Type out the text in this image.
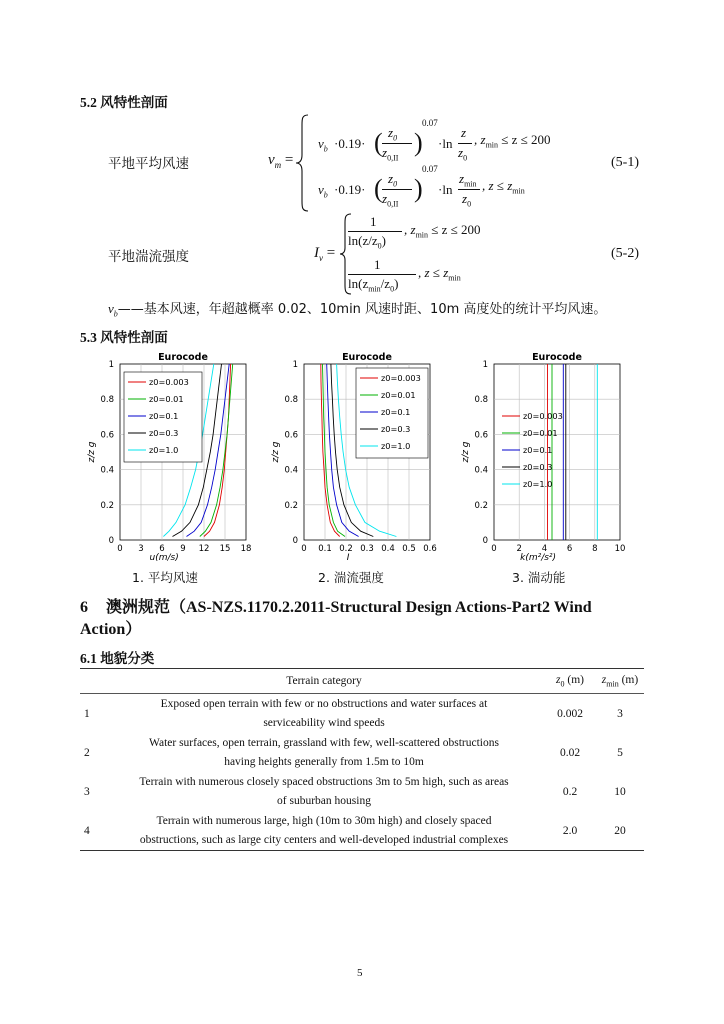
5.2 风特性剖面
平地平均风速	$v_m$ =
$v_b \cdot 0.19\cdot$ ( $z_0$
$z_{0,II}$
)
0.07
·ln
z
$z_0$
, $z_{min} \le z \le 200$
$v_b \cdot 0.19\cdot$ ( $z_0$
$z_{0,II}$
)
0.07
·ln
$z_{min}$
$z_0$
, $z \le z_{min}$
(5-1)
平地湍流强度	$I_v$ =
1
$\ln(z/z_0)$
, $z_{min} \le z \le 200$
1
$\ln(z_{min}/z_0)$
, $z \le z_{min}$
(5-2)
$v_b——$基本风速，年超越概率 0.02、10min 风速时距、10m 高度处的统计平均风速。
5.3 风特性剖面
Eurocode
0 3 6 9 12 15 18
0
0.2
0.4
0.6
0.8
1
u(m/s)
z/z g
z0=0.003
z0=0.01
z0=0.1
z0=0.3
z0=1.0
1. 平均风速
Eurocode
0 0.1 0.2 0.3 0.4 0.5 0.6
0
0.2
0.4
0.6
0.8
1
I
z/z g
z0=0.003
z0=0.01
z0=0.1
z0=0.3
z0=1.0
2. 湍流强度
Eurocode
0 2 4 6 8 10
0
0.2
0.4
0.6
0.8
1
k(m²/s²)
z/z g
z0=0.003
z0=0.01
z0=0.1
z0=0.3
z0=1.0
3. 湍动能
6 澳洲规范（AS-NZS.1170.2.2011-Structural Design Actions-Part2 Wind Action）
6.1 地貌分类
	Terrain category	$z_0$ (m)	$z_{min}$ (m)
1	Exposed open terrain with few or no obstructions and water surfaces at
serviceability wind speeds	0.002	3
2	Water surfaces, open terrain, grassland with few, well-scattered obstructions
having heights generally from 1.5m to 10m	0.02	5
3	Terrain with numerous closely spaced obstructions 3m to 5m high, such as areas
of suburban housing	0.2	10
4	Terrain with numerous large, high (10m to 30m high) and closely spaced
obstructions, such as large city centers and well-developed industrial complexes	2.0	20
5
